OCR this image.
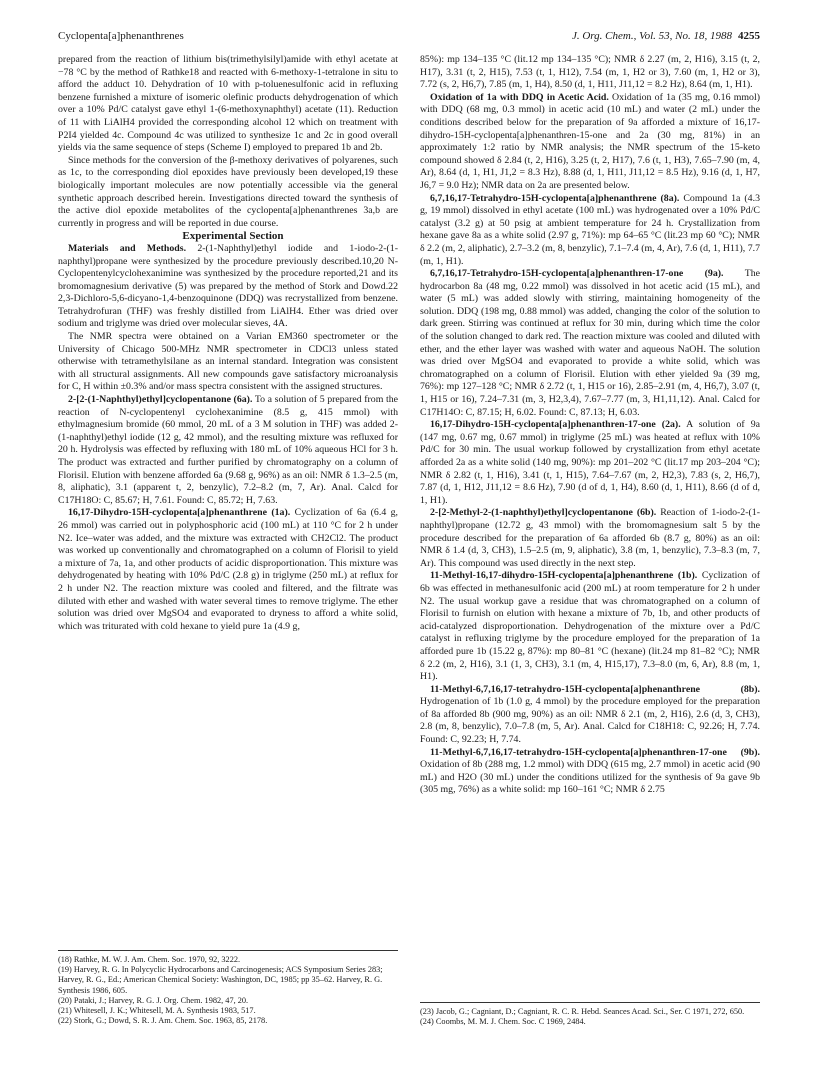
Cyclopenta[a]phenanthrenes	J. Org. Chem., Vol. 53, No. 18, 1988 4255

prepared from the reaction of lithium bis(trimethylsilyl)amide with ethyl acetate at −78 °C by the method of Rathke18 and reacted with 6-methoxy-1-tetralone in situ to afford the adduct 10. Dehydration of 10 with p-toluenesulfonic acid in refluxing benzene furnished a mixture of isomeric olefinic products dehydrogenation of which over a 10% Pd/C catalyst gave ethyl 1-(6-methoxynaphthyl) acetate (11). Reduction of 11 with LiAlH4 provided the corresponding alcohol 12 which on treatment with P2I4 yielded 4c. Compound 4c was utilized to synthesize 1c and 2c in good overall yields via the same sequence of steps (Scheme I) employed to prepared 1b and 2b.

Since methods for the conversion of the β-methoxy derivatives of polyarenes, such as 1c, to the corresponding diol epoxides have previously been developed,19 these biologically important molecules are now potentially accessible via the general synthetic approach described herein. Investigations directed toward the synthesis of the active diol epoxide metabolites of the cyclopenta[a]phenanthrenes 3a,b are currently in progress and will be reported in due course.

Experimental Section

Materials and Methods. 2-(1-Naphthyl)ethyl iodide and 1-iodo-2-(1-naphthyl)propane were synthesized by the procedure previously described.10,20 N-Cyclopentenylcyclohexanimine was synthesized by the procedure reported,21 and its bromomagnesium derivative (5) was prepared by the method of Stork and Dowd.22 2,3-Dichloro-5,6-dicyano-1,4-benzoquinone (DDQ) was recrystallized from benzene. Tetrahydrofuran (THF) was freshly distilled from LiAlH4. Ether was dried over sodium and triglyme was dried over molecular sieves, 4A.

The NMR spectra were obtained on a Varian EM360 spectrometer or the University of Chicago 500-MHz NMR spectrometer in CDCl3 unless stated otherwise with tetramethylsilane as an internal standard. Integration was consistent with all structural assignments. All new compounds gave satisfactory microanalysis for C, H within ±0.3% and/or mass spectra consistent with the assigned structures.

2-[2-(1-Naphthyl)ethyl]cyclopentanone (6a). To a solution of 5 prepared from the reaction of N-cyclopentenyl cyclohexanimine (8.5 g, 415 mmol) with ethylmagnesium bromide (60 mmol, 20 mL of a 3 M solution in THF) was added 2-(1-naphthyl)ethyl iodide (12 g, 42 mmol), and the resulting mixture was refluxed for 20 h. Hydrolysis was effected by refluxing with 180 mL of 10% aqueous HCl for 3 h. The product was extracted and further purified by chromatography on a column of Florisil. Elution with benzene afforded 6a (9.68 g, 96%) as an oil: NMR δ 1.3–2.5 (m, 8, aliphatic), 3.1 (apparent t, 2, benzylic), 7.2–8.2 (m, 7, Ar). Anal. Calcd for C17H18O: C, 85.67; H, 7.61. Found: C, 85.72; H, 7.63.

16,17-Dihydro-15H-cyclopenta[a]phenanthrene (1a). Cyclization of 6a (6.4 g, 26 mmol) was carried out in polyphosphoric acid (100 mL) at 110 °C for 2 h under N2. Ice–water was added, and the mixture was extracted with CH2Cl2. The product was worked up conventionally and chromatographed on a column of Florisil to yield a mixture of 7a, 1a, and other products of acidic disproportionation. This mixture was dehydrogenated by heating with 10% Pd/C (2.8 g) in triglyme (250 mL) at reflux for 2 h under N2. The reaction mixture was cooled and filtered, and the filtrate was diluted with ether and washed with water several times to remove triglyme. The ether solution was dried over MgSO4 and evaporated to dryness to afford a white solid, which was triturated with cold hexane to yield pure 1a (4.9 g,

(18) Rathke, M. W. J. Am. Chem. Soc. 1970, 92, 3222.
(19) Harvey, R. G. In Polycyclic Hydrocarbons and Carcinogenesis; ACS Symposium Series 283; Harvey, R. G., Ed.; American Chemical Society: Washington, DC, 1985; pp 35–62. Harvey, R. G. Synthesis 1986, 605.
(20) Pataki, J.; Harvey, R. G. J. Org. Chem. 1982, 47, 20.
(21) Whitesell, J. K.; Whitesell, M. A. Synthesis 1983, 517.
(22) Stork, G.; Dowd, S. R. J. Am. Chem. Soc. 1963, 85, 2178.

85%): mp 134–135 °C (lit.12 mp 134–135 °C); NMR δ 2.27 (m, 2, H16), 3.15 (t, 2, H17), 3.31 (t, 2, H15), 7.53 (t, 1, H12), 7.54 (m, 1, H2 or 3), 7.60 (m, 1, H2 or 3), 7.72 (s, 2, H6,7), 7.85 (m, 1, H4), 8.50 (d, 1, H11, J11,12 = 8.2 Hz), 8.64 (m, 1, H1).

Oxidation of 1a with DDQ in Acetic Acid. Oxidation of 1a (35 mg, 0.16 mmol) with DDQ (68 mg, 0.3 mmol) in acetic acid (10 mL) and water (2 mL) under the conditions described below for the preparation of 9a afforded a mixture of 16,17-dihydro-15H-cyclopenta[a]phenanthren-15-one and 2a (30 mg, 81%) in an approximately 1:2 ratio by NMR analysis; the NMR spectrum of the 15-keto compound showed δ 2.84 (t, 2, H16), 3.25 (t, 2, H17), 7.6 (t, 1, H3), 7.65–7.90 (m, 4, Ar), 8.64 (d, 1, H1, J1,2 = 8.3 Hz), 8.88 (d, 1, H11, J11,12 = 8.5 Hz), 9.16 (d, 1, H7, J6,7 = 9.0 Hz); NMR data on 2a are presented below.

6,7,16,17-Tetrahydro-15H-cyclopenta[a]phenanthrene (8a). Compound 1a (4.3 g, 19 mmol) dissolved in ethyl acetate (100 mL) was hydrogenated over a 10% Pd/C catalyst (3.2 g) at 50 psig at ambient temperature for 24 h. Crystallization from hexane gave 8a as a white solid (2.97 g, 71%): mp 64–65 °C (lit.23 mp 60 °C); NMR δ 2.2 (m, 2, aliphatic), 2.7–3.2 (m, 8, benzylic), 7.1–7.4 (m, 4, Ar), 7.6 (d, 1, H11), 7.7 (m, 1, H1).

6,7,16,17-Tetrahydro-15H-cyclopenta[a]phenanthren-17-one (9a). The hydrocarbon 8a (48 mg, 0.22 mmol) was dissolved in hot acetic acid (15 mL), and water (5 mL) was added slowly with stirring, maintaining homogeneity of the solution. DDQ (198 mg, 0.88 mmol) was added, changing the color of the solution to dark green. Stirring was continued at reflux for 30 min, during which time the color of the solution changed to dark red. The reaction mixture was cooled and diluted with ether, and the ether layer was washed with water and aqueous NaOH. The solution was dried over MgSO4 and evaporated to provide a white solid, which was chromatographed on a column of Florisil. Elution with ether yielded 9a (39 mg, 76%): mp 127–128 °C; NMR δ 2.72 (t, 1, H15 or 16), 2.85–2.91 (m, 4, H6,7), 3.07 (t, 1, H15 or 16), 7.24–7.31 (m, 3, H2,3,4), 7.67–7.77 (m, 3, H1,11,12). Anal. Calcd for C17H14O: C, 87.15; H, 6.02. Found: C, 87.13; H, 6.03.

16,17-Dihydro-15H-cyclopenta[a]phenanthren-17-one (2a). A solution of 9a (147 mg, 0.67 mg, 0.67 mmol) in triglyme (25 mL) was heated at reflux with 10% Pd/C for 30 min. The usual workup followed by crystallization from ethyl acetate afforded 2a as a white solid (140 mg, 90%): mp 201–202 °C (lit.17 mp 203–204 °C); NMR δ 2.82 (t, 1, H16), 3.41 (t, 1, H15), 7.64–7.67 (m, 2, H2,3), 7.83 (s, 2, H6,7), 7.87 (d, 1, H12, J11,12 = 8.6 Hz), 7.90 (d of d, 1, H4), 8.60 (d, 1, H11), 8.66 (d of d, 1, H1).

2-[2-Methyl-2-(1-naphthyl)ethyl]cyclopentanone (6b). Reaction of 1-iodo-2-(1-naphthyl)propane (12.72 g, 43 mmol) with the bromomagnesium salt 5 by the procedure described for the preparation of 6a afforded 6b (8.7 g, 80%) as an oil: NMR δ 1.4 (d, 3, CH3), 1.5–2.5 (m, 9, aliphatic), 3.8 (m, 1, benzylic), 7.3–8.3 (m, 7, Ar). This compound was used directly in the next step.

11-Methyl-16,17-dihydro-15H-cyclopenta[a]phenanthrene (1b). Cyclization of 6b was effected in methanesulfonic acid (200 mL) at room temperature for 2 h under N2. The usual workup gave a residue that was chromatographed on a column of Florisil to furnish on elution with hexane a mixture of 7b, 1b, and other products of acid-catalyzed disproportionation. Dehydrogenation of the mixture over a Pd/C catalyst in refluxing triglyme by the procedure employed for the preparation of 1a afforded pure 1b (15.22 g, 87%): mp 80–81 °C (hexane) (lit.24 mp 81–82 °C); NMR δ 2.2 (m, 2, H16), 3.1 (1, 3, CH3), 3.1 (m, 4, H15,17), 7.3–8.0 (m, 6, Ar), 8.8 (m, 1, H1).

11-Methyl-6,7,16,17-tetrahydro-15H-cyclopenta[a]phenanthrene (8b). Hydrogenation of 1b (1.0 g, 4 mmol) by the procedure employed for the preparation of 8a afforded 8b (900 mg, 90%) as an oil: NMR δ 2.1 (m, 2, H16), 2.6 (d, 3, CH3), 2.8 (m, 8, benzylic), 7.0–7.8 (m, 5, Ar). Anal. Calcd for C18H18: C, 92.26; H, 7.74. Found: C, 92.23; H, 7.74.

11-Methyl-6,7,16,17-tetrahydro-15H-cyclopenta[a]phenanthren-17-one (9b). Oxidation of 8b (288 mg, 1.2 mmol) with DDQ (615 mg, 2.7 mmol) in acetic acid (90 mL) and H2O (30 mL) under the conditions utilized for the synthesis of 9a gave 9b (305 mg, 76%) as a white solid: mp 160–161 °C; NMR δ 2.75

(23) Jacob, G.; Cagniant, D.; Cagniant, R. C. R. Hebd. Seances Acad. Sci., Ser. C 1971, 272, 650.
(24) Coombs, M. M. J. Chem. Soc. C 1969, 2484.
